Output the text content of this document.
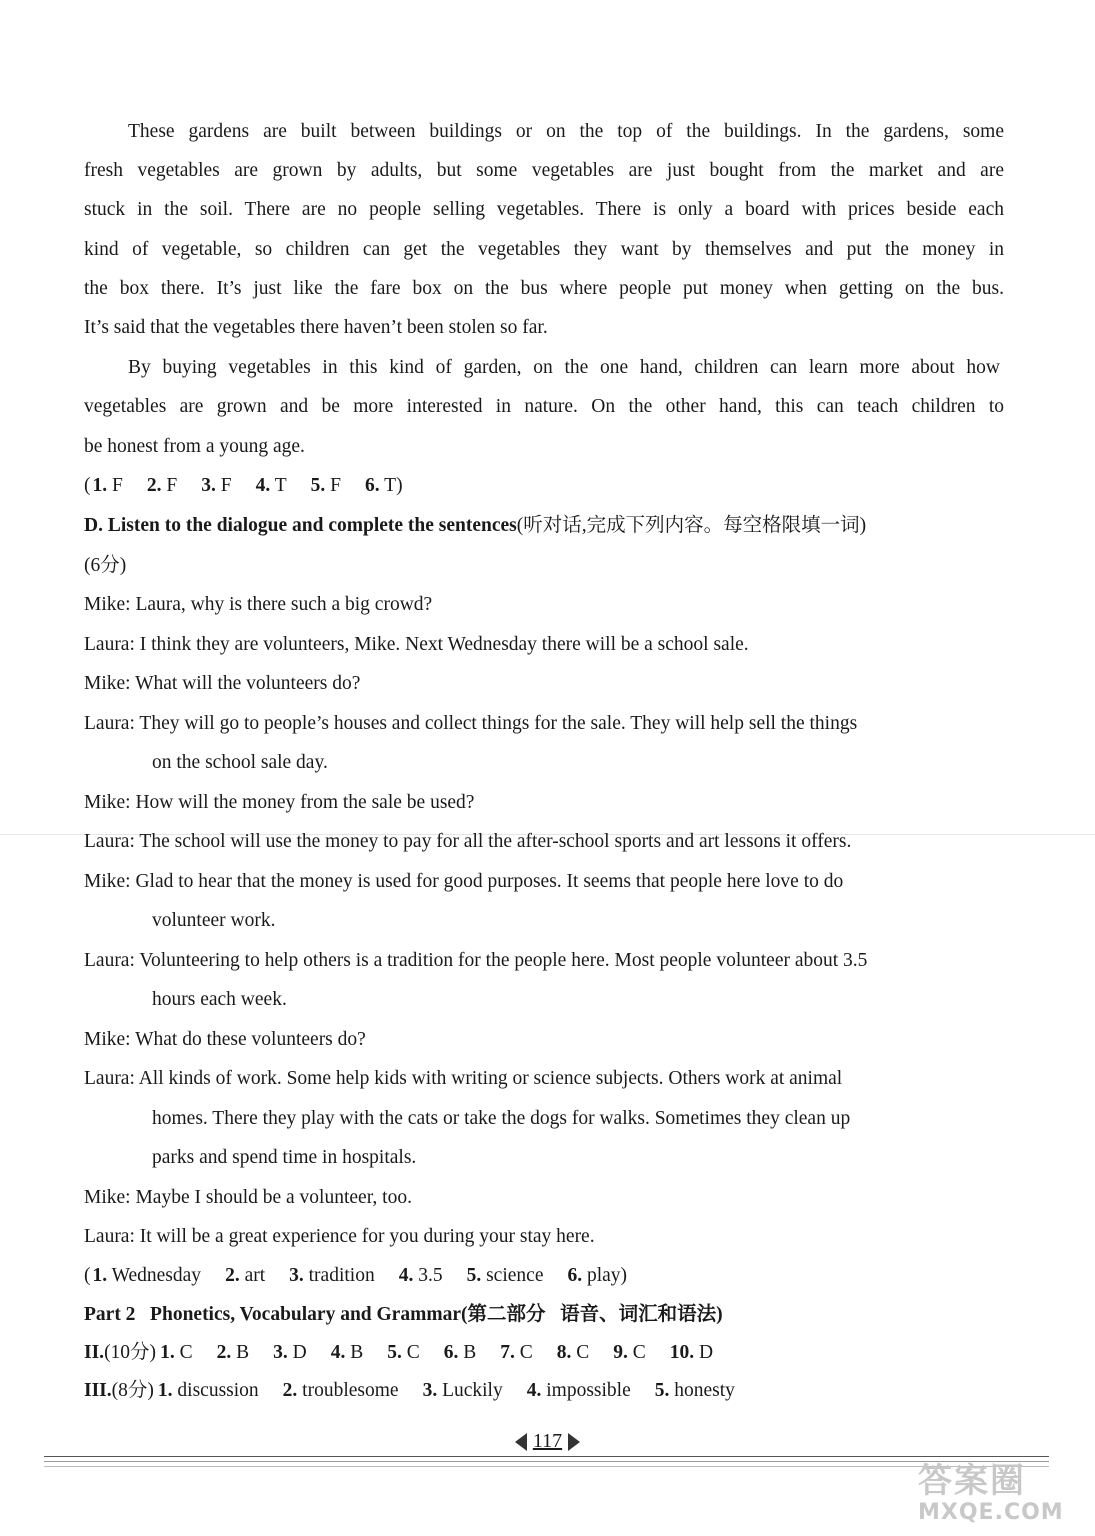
These gardens are built between buildings or on the top of the buildings. In the gardens, some
fresh vegetables are grown by adults, but some vegetables are just bought from the market and are
stuck in the soil. There are no people selling vegetables. There is only a board with prices beside each
kind of vegetable, so children can get the vegetables they want by themselves and put the money in
the box there. It’s just like the fare box on the bus where people put money when getting on the bus.
It’s said that the vegetables there haven’t been stolen so far.
By buying vegetables in this kind of garden, on the one hand, children can learn more about how
vegetables are grown and be more interested in nature. On the other hand, this can teach children to
be honest from a young age.
( 1. F 2. F 3. F 4. T 5. F 6. T)
D. Listen to the dialogue and complete the sentences(听对话,完成下列内容。每空格限填一词)
(6分)
Mike: Laura, why is there such a big crowd?
Laura: I think they are volunteers, Mike. Next Wednesday there will be a school sale.
Mike: What will the volunteers do?
Laura: They will go to people’s houses and collect things for the sale. They will help sell the things
on the school sale day.
Mike: How will the money from the sale be used?
Laura: The school will use the money to pay for all the after-school sports and art lessons it offers.
Mike: Glad to hear that the money is used for good purposes. It seems that people here love to do
volunteer work.
Laura: Volunteering to help others is a tradition for the people here. Most people volunteer about 3.5
hours each week.
Mike: What do these volunteers do?
Laura: All kinds of work. Some help kids with writing or science subjects. Others work at animal
homes. There they play with the cats or take the dogs for walks. Sometimes they clean up
parks and spend time in hospitals.
Mike: Maybe I should be a volunteer, too.
Laura: It will be a great experience for you during your stay here.
( 1. Wednesday 2. art 3. tradition 4. 3.5 5. science 6. play)
Part 2   Phonetics, Vocabulary and Grammar(第二部分   语音、词汇和语法)
II.(10分) 1. C 2. B 3. D 4. B 5. C 6. B 7. C 8. C 9. C 10. D
III.(8分) 1. discussion 2. troublesome 3. Luckily 4. impossible 5. honesty
117
答案圈
MXQE.COM
